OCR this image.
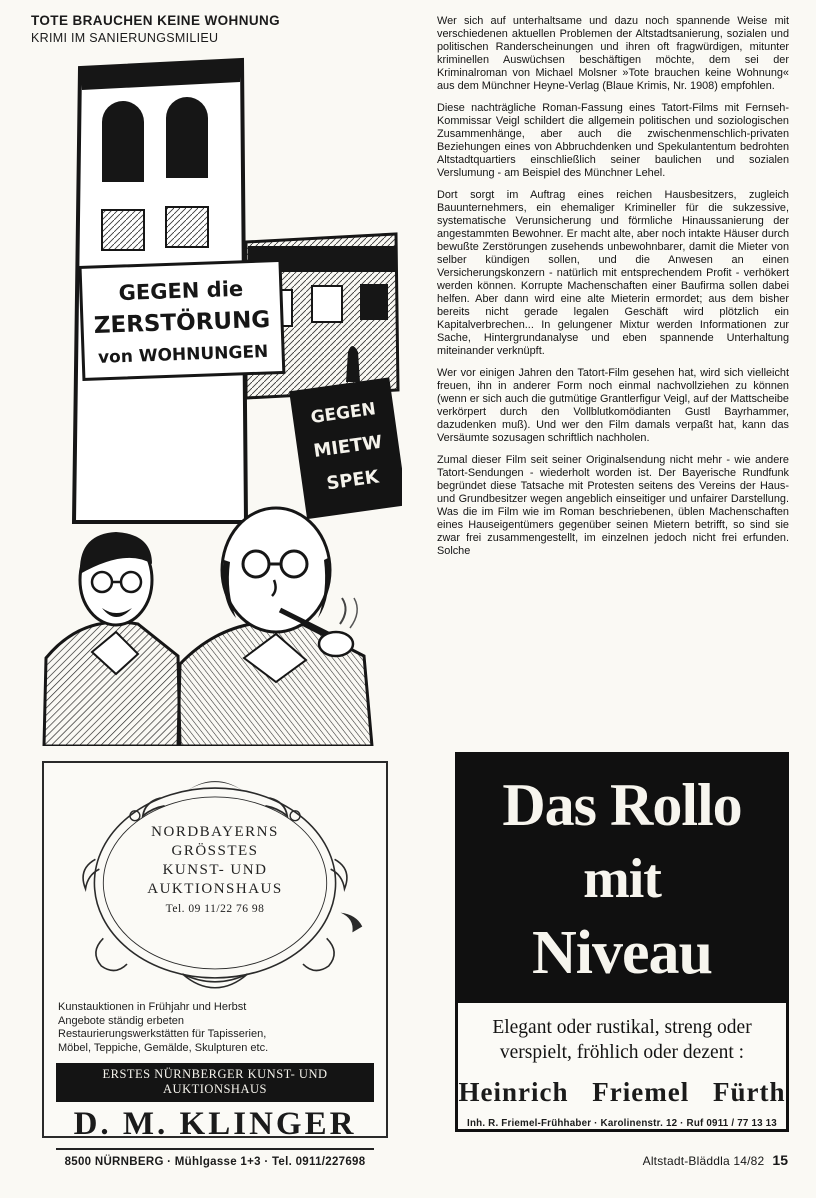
TOTE BRAUCHEN KEINE WOHNUNG
KRIMI IM SANIERUNGSMILIEU
GEGEN die
ZERSTÖRUNG
von WOHNUNGEN
GEGEN
MIETW
SPEK

Wer sich auf unterhaltsame und dazu noch spannende Weise mit verschiedenen aktuellen Problemen der Altstadtsanierung, sozialen und politischen Randerscheinungen und ihren oft fragwürdigen, mitunter kriminellen Auswüchsen beschäftigen möchte, dem sei der Kriminalroman von Michael Molsner »Tote brauchen keine Wohnung« aus dem Münchner Heyne-Verlag (Blaue Krimis, Nr. 1908) empfohlen.

Diese nachträgliche Roman-Fassung eines Tatort-Films mit Fernseh-Kommissar Veigl schildert die allgemein politischen und soziologischen Zusammenhänge, aber auch die zwischenmenschlich-privaten Beziehungen eines von Abbruchdenken und Spekulantentum bedrohten Altstadtquartiers einschließlich seiner baulichen und sozialen Verslumung - am Beispiel des Münchner Lehel.

Dort sorgt im Auftrag eines reichen Hausbesitzers, zugleich Bauunternehmers, ein ehemaliger Krimineller für die sukzessive, systematische Verunsicherung und förmliche Hinaussanierung der angestammten Bewohner. Er macht alte, aber noch intakte Häuser durch bewußte Zerstörungen zusehends unbewohnbarer, damit die Mieter von selber kündigen sollen, und die Anwesen an einen Versicherungskonzern - natürlich mit entsprechendem Profit - verhökert werden können. Korrupte Machenschaften einer Baufirma sollen dabei helfen. Aber dann wird eine alte Mieterin ermordet; aus dem bisher bereits nicht gerade legalen Geschäft wird plötzlich ein Kapitalverbrechen... In gelungener Mixtur werden Informationen zur Sache, Hintergrundanalyse und eben spannende Unterhaltung miteinander verknüpft.

Wer vor einigen Jahren den Tatort-Film gesehen hat, wird sich vielleicht freuen, ihn in anderer Form noch einmal nachvollziehen zu können (wenn er sich auch die gutmütige Grantlerfigur Veigl, auf der Mattscheibe verkörpert durch den Vollblutkomödianten Gustl Bayrhammer, dazudenken muß). Und wer den Film damals verpaßt hat, kann das Versäumte sozusagen schriftlich nachholen.

Zumal dieser Film seit seiner Originalsendung nicht mehr - wie andere Tatort-Sendungen - wiederholt worden ist. Der Bayerische Rundfunk begründet diese Tatsache mit Protesten seitens des Vereins der Haus- und Grundbesitzer wegen angeblich einseitiger und unfairer Darstellung. Was die im Film wie im Roman beschriebenen, üblen Machenschaften eines Hauseigentümers gegenüber seinen Mietern betrifft, so sind sie zwar frei zusammengestellt, im einzelnen jedoch nicht frei erfunden. Solche

NORDBAYERNS
GRÖSSTES
KUNST- UND
AUKTIONSHAUS
Tel. 09 11/22 76 98
Kunstauktionen in Frühjahr und Herbst
Angebote ständig erbeten
Restaurierungswerkstätten für Tapisserien,
Möbel, Teppiche, Gemälde, Skulpturen etc.
ERSTES NÜRNBERGER KUNST- UND AUKTIONSHAUS
D. M. KLINGER
8500 NÜRNBERG · Mühlgasse 1+3 · Tel. 0911/227698
Das Rollo
mit
Niveau
Elegant oder rustikal, streng oder
verspielt, fröhlich oder dezent :
Heinrich Friemel Fürth
Inh. R. Friemel-Frühhaber · Karolinenstr. 12 · Ruf 0911 / 77 13 13
Altstadt-Bläddla 14/82 15
